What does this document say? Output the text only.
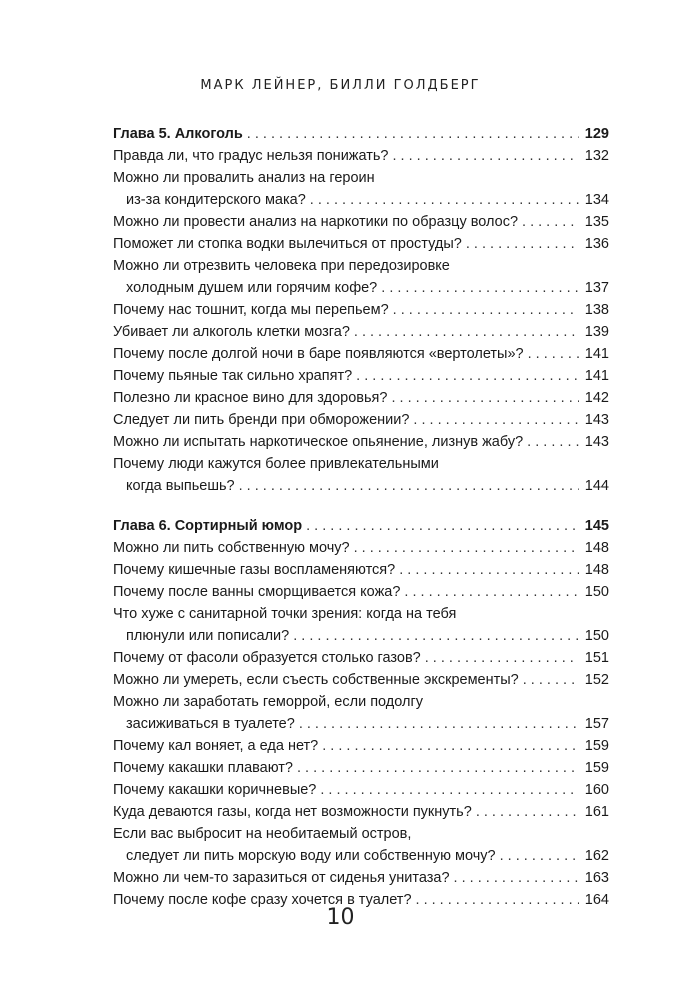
МАРК ЛЕЙНЕР, БИЛЛИ ГОЛДБЕРГ
Глава 5. Алкоголь . . .	129
Правда ли, что градус нельзя понижать? . . .	132
Можно ли провалить анализ на героин
из-за кондитерского мака? . . .	134
Можно ли провести анализ на наркотики по образцу волос? . . .	135
Поможет ли стопка водки вылечиться от простуды? . . .	136
Можно ли отрезвить человека при передозировке
холодным душем или горячим кофе? . . .	137
Почему нас тошнит, когда мы перепьем? . . .	138
Убивает ли алкоголь клетки мозга? . . .	139
Почему после долгой ночи в баре появляются «вертолеты»? . . .	141
Почему пьяные так сильно храпят? . . .	141
Полезно ли красное вино для здоровья? . . .	142
Следует ли пить бренди при обморожении? . . .	143
Можно ли испытать наркотическое опьянение, лизнув жабу? . . .	143
Почему люди кажутся более привлекательными
когда выпьешь? . . .	144
Глава 6. Сортирный юмор . . .	145
Можно ли пить собственную мочу? . . .	148
Почему кишечные газы воспламеняются? . . .	148
Почему после ванны сморщивается кожа? . . .	150
Что хуже с санитарной точки зрения: когда на тебя
плюнули или пописали? . . .	150
Почему от фасоли образуется столько газов? . . .	151
Можно ли умереть, если съесть собственные экскременты? . . .	152
Можно ли заработать геморрой, если подолгу
засиживаться в туалете? . . .	157
Почему кал воняет, а еда нет? . . .	159
Почему какашки плавают? . . .	159
Почему какашки коричневые? . . .	160
Куда деваются газы, когда нет возможности пукнуть? . . .	161
Если вас выбросит на необитаемый остров,
следует ли пить морскую воду или собственную мочу? . . .	162
Можно ли чем-то заразиться от сиденья унитаза? . . .	163
Почему после кофе сразу хочется в туалет? . . .	164
10
